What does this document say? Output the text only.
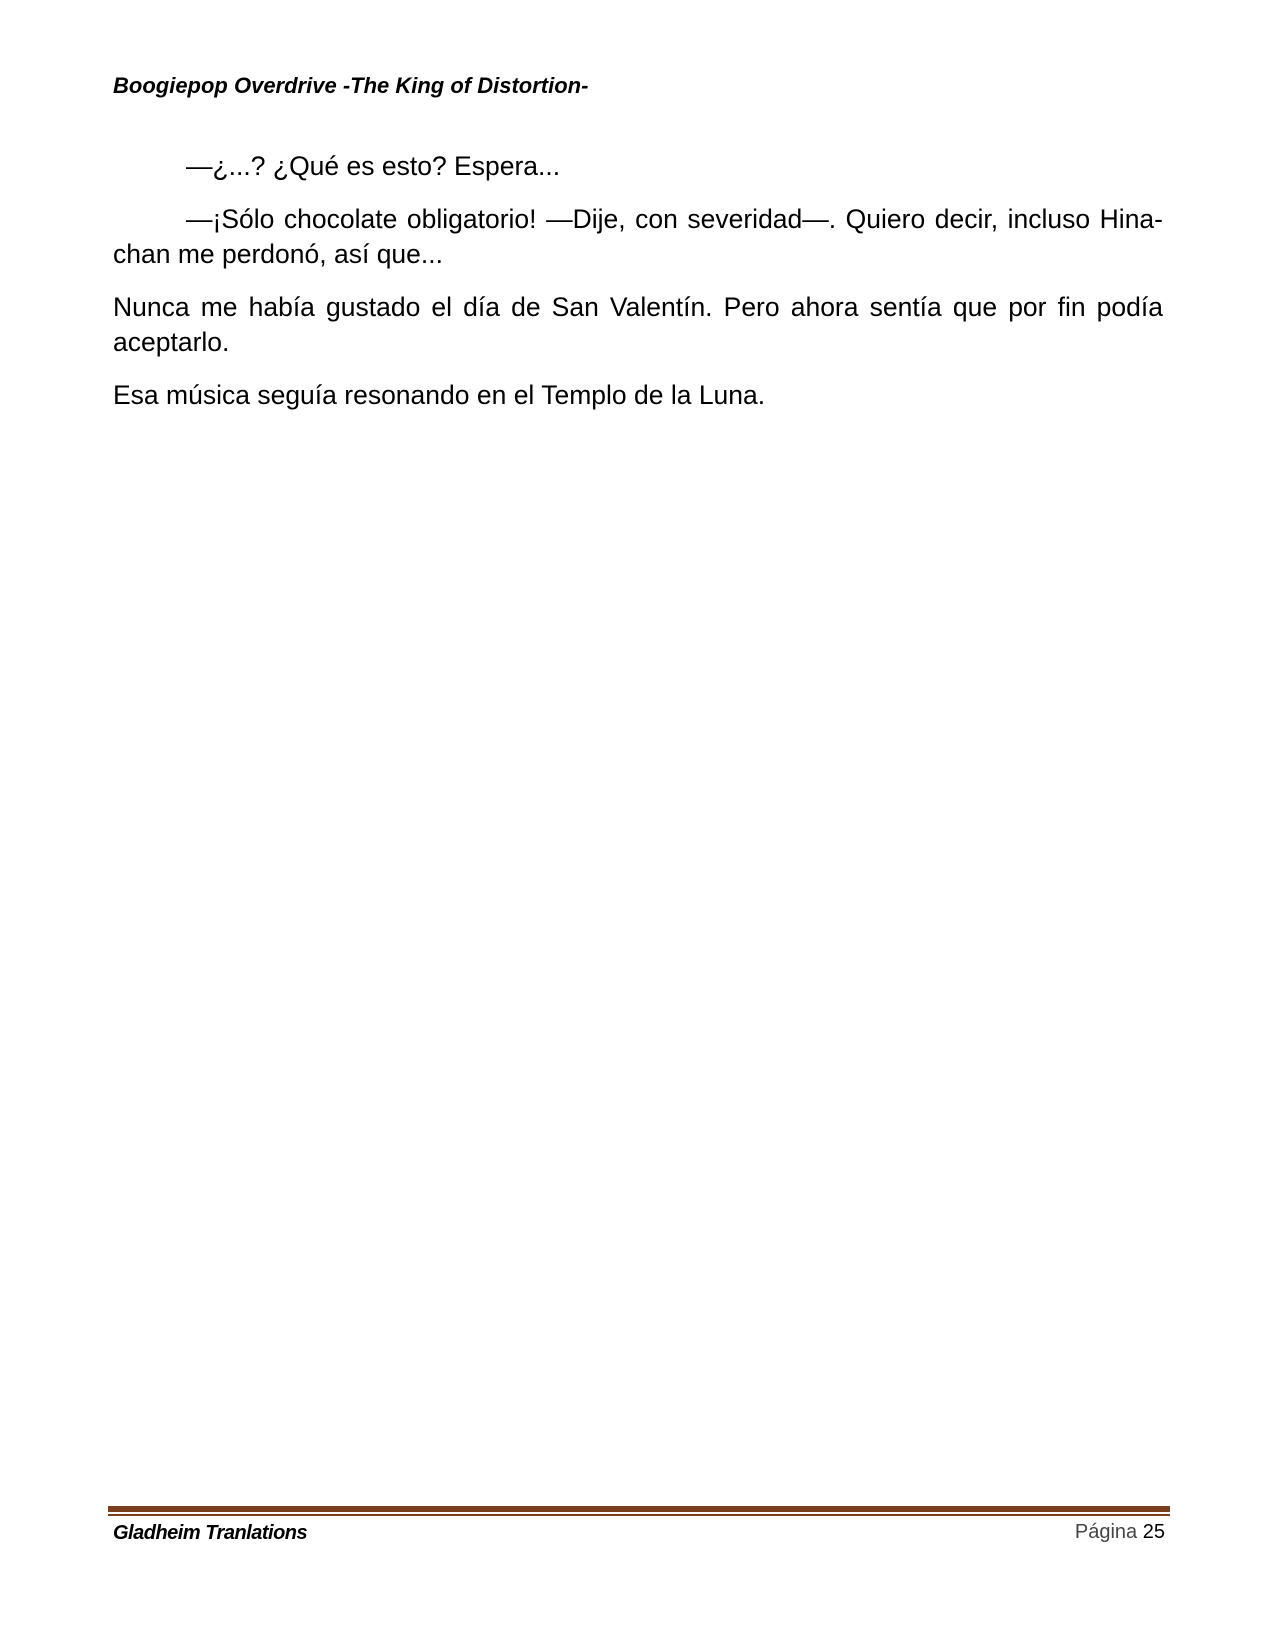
Boogiepop Overdrive -The King of Distortion-

—¿...? ¿Qué es esto? Espera...

—¡Sólo chocolate obligatorio! —Dije, con severidad—. Quiero decir, incluso Hina-chan me perdonó, así que...

Nunca me había gustado el día de San Valentín. Pero ahora sentía que por fin podía aceptarlo.

Esa música seguía resonando en el Templo de la Luna.

Gladheim Tranlations	Página 25
